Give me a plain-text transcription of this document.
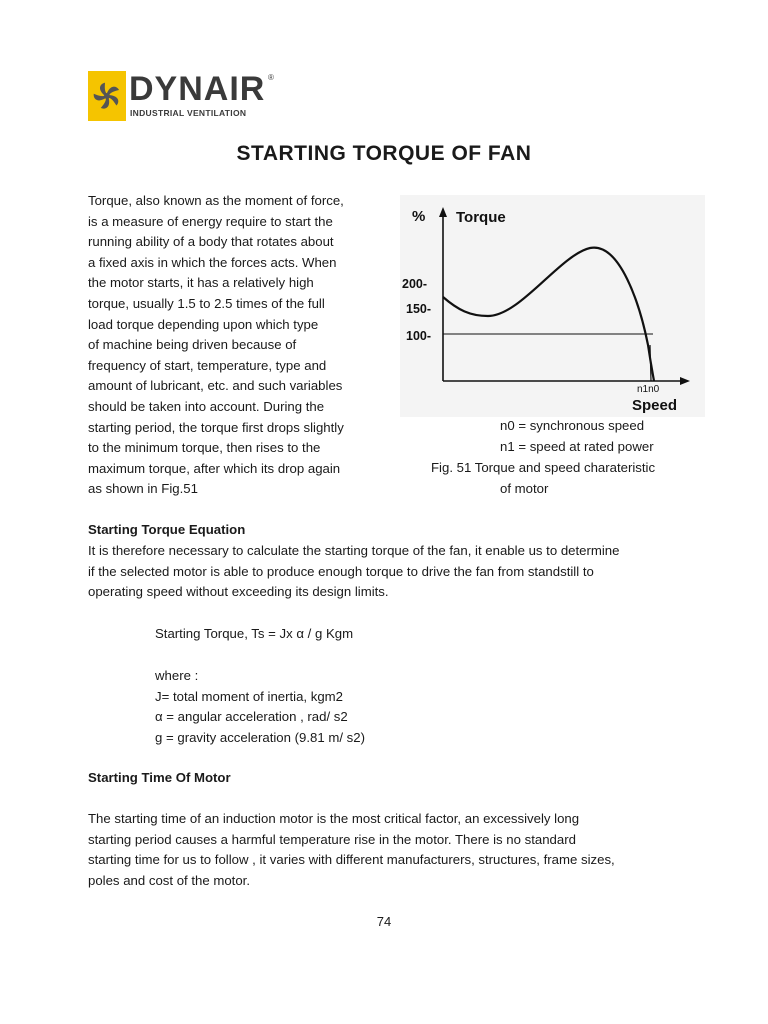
DYNAIR ®
INDUSTRIAL VENTILATION
STARTING TORQUE OF FAN
Torque, also known as the moment of force,
is a measure of energy require to start the
running ability of a body that rotates about
a fixed axis in which the forces acts. When
the motor starts, it has a relatively high
torque, usually 1.5 to 2.5 times of the full
load torque depending upon which type
of machine being driven because of
frequency of start, temperature, type and
amount of lubricant, etc. and such variables
should be taken into account. During the
starting period, the torque first drops slightly
to the minimum torque, then rises to the
maximum torque, after which its drop again
as shown in Fig.51
% Torque
200-
150-
100-
n1n0
Speed
n0 = synchronous speed
n1 = speed at rated power
Fig. 51 Torque and speed charateristic
of motor
Starting Torque Equation
It is therefore necessary to calculate the starting torque of the fan, it enable us to determine
if the selected motor is able to produce enough torque to drive the fan from standstill to
operating speed without exceeding its design limits.
Starting Torque, Ts = Jx α / g Kgm
where :
J= total moment of inertia, kgm2
α = angular acceleration , rad/ s2
g = gravity acceleration (9.81 m/ s2)
Starting Time Of Motor
The starting time of an induction motor is the most critical factor, an excessively long
starting period causes a harmful temperature rise in the motor. There is no standard
starting time for us to follow , it varies with different manufacturers, structures, frame sizes,
poles and cost of the motor.
74
